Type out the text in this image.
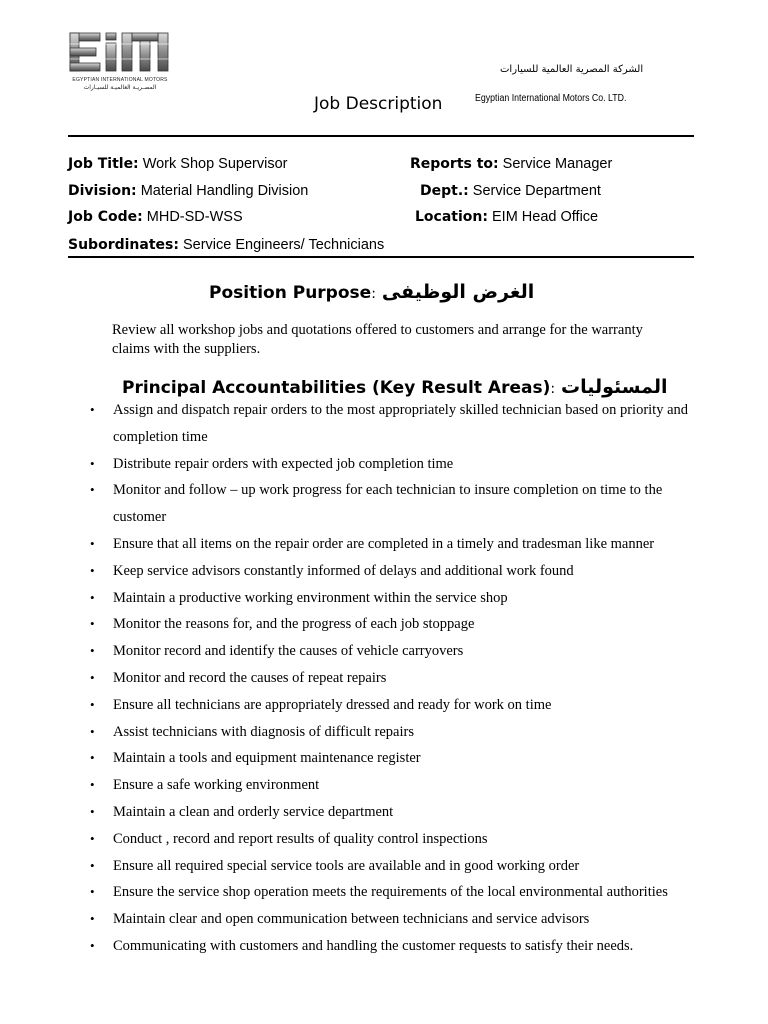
EGYPTIAN INTERNATIONAL MOTORS
المصـريـة العالميـة للسيـارات
Job Description
الشركة المصرية العالمية للسيارات
Egyptian International Motors Co. LTD.
Job Title: Work Shop Supervisor	Reports to: Service Manager
Division: Material Handling Division	Dept.: Service Department
Job Code: MHD-SD-WSS	Location: EIM Head Office
Subordinates: Service Engineers/ Technicians
Position Purpose: الغرض الوظيفى
Review all workshop jobs and quotations offered to customers and arrange for the warranty claims with the suppliers.
Principal Accountabilities (Key Result Areas): المسئوليات
• Assign and dispatch repair orders to the most appropriately skilled technician based on priority and completion time
• Distribute repair orders with expected job completion time
• Monitor and follow – up work progress for each technician to insure completion on time to the customer
• Ensure that all items on the repair order are completed in a timely and tradesman like manner
• Keep service advisors constantly informed of delays and additional work found
• Maintain a productive working environment within the service shop
• Monitor the reasons for, and the progress of each job stoppage
• Monitor record and identify the causes of vehicle carryovers
• Monitor and record the causes of repeat repairs
• Ensure all technicians are appropriately dressed and ready for work on time
• Assist technicians with diagnosis of difficult repairs
• Maintain a tools and equipment maintenance register
• Ensure a safe working environment
• Maintain a clean and orderly service department
• Conduct , record and report results of quality control inspections
• Ensure all required special service tools are available and in good working order
• Ensure the service shop operation meets the requirements of the local environmental authorities
• Maintain clear and open communication between technicians and service advisors
• Communicating with customers and handling the customer requests to satisfy their needs.
